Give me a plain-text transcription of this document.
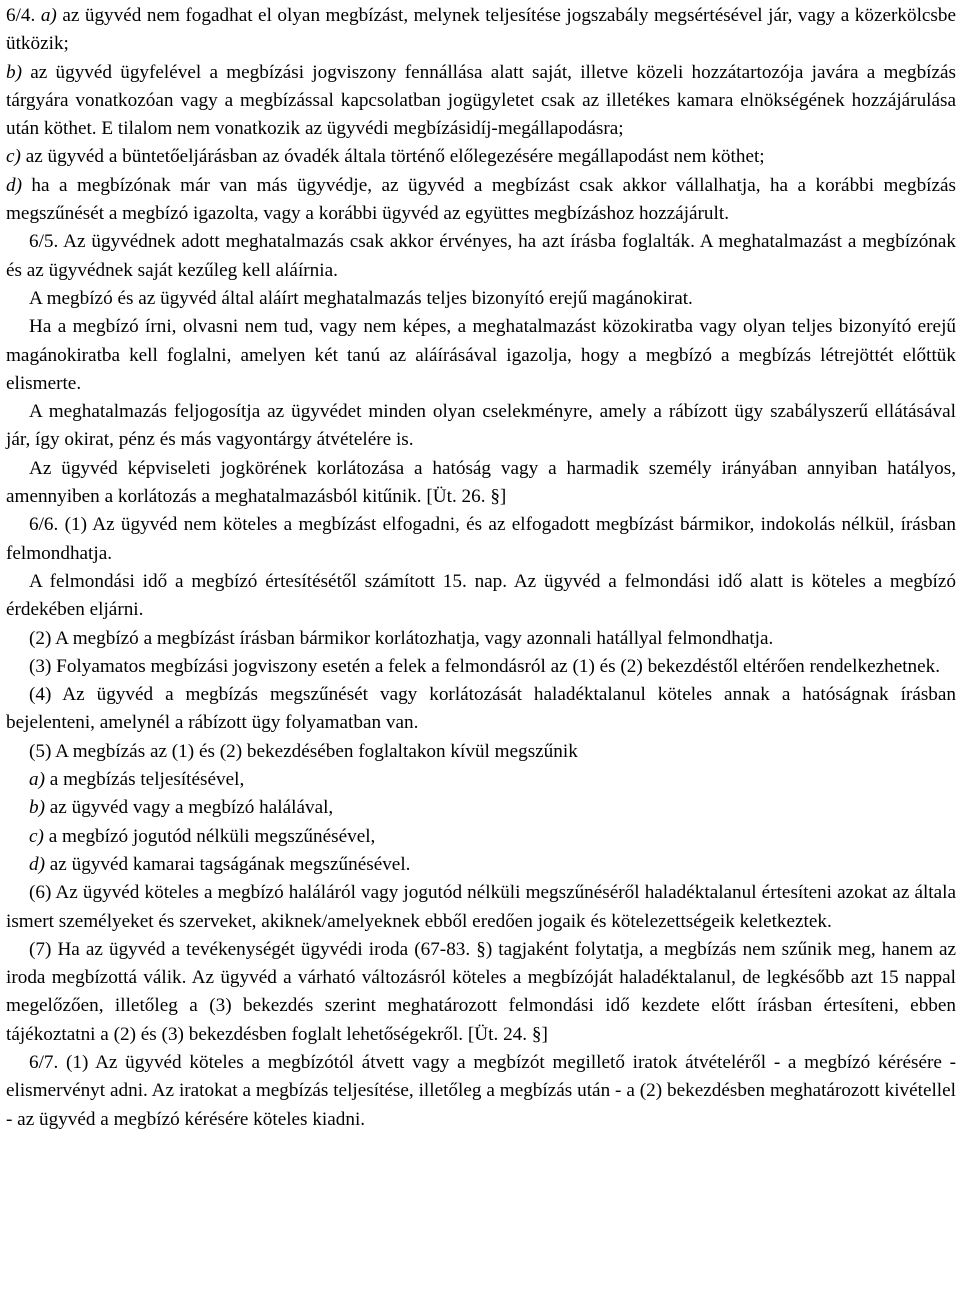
6/4. a) az ügyvéd nem fogadhat el olyan megbízást, melynek teljesítése jogszabály megsértésével jár, vagy a közerkölcsbe ütközik;

b) az ügyvéd ügyfelével a megbízási jogviszony fennállása alatt saját, illetve közeli hozzátartozója javára a megbízás tárgyára vonatkozóan vagy a megbízással kapcsolatban jogügyletet csak az illetékes kamara elnökségének hozzájárulása után köthet. E tilalom nem vonatkozik az ügyvédi megbízásidíj-megállapodásra;

c) az ügyvéd a büntetőeljárásban az óvadék általa történő előlegezésére megállapodást nem köthet;

d) ha a megbízónak már van más ügyvédje, az ügyvéd a megbízást csak akkor vállalhatja, ha a korábbi megbízás megszűnését a megbízó igazolta, vagy a korábbi ügyvéd az együttes megbízáshoz hozzájárult.

6/5. Az ügyvédnek adott meghatalmazás csak akkor érvényes, ha azt írásba foglalták. A meghatalmazást a megbízónak és az ügyvédnek saját kezűleg kell aláírnia.

A megbízó és az ügyvéd által aláírt meghatalmazás teljes bizonyító erejű magánokirat.

Ha a megbízó írni, olvasni nem tud, vagy nem képes, a meghatalmazást közokiratba vagy olyan teljes bizonyító erejű magánokiratba kell foglalni, amelyen két tanú az aláírásával igazolja, hogy a megbízó a megbízás létrejöttét előttük elismerte.

A meghatalmazás feljogosítja az ügyvédet minden olyan cselekményre, amely a rábízott ügy szabályszerű ellátásával jár, így okirat, pénz és más vagyontárgy átvételére is.

Az ügyvéd képviseleti jogkörének korlátozása a hatóság vagy a harmadik személy irányában annyiban hatályos, amennyiben a korlátozás a meghatalmazásból kitűnik. [Üt. 26. §]

6/6. (1) Az ügyvéd nem köteles a megbízást elfogadni, és az elfogadott megbízást bármikor, indokolás nélkül, írásban felmondhatja.

A felmondási idő a megbízó értesítésétől számított 15. nap. Az ügyvéd a felmondási idő alatt is köteles a megbízó érdekében eljárni.

(2) A megbízó a megbízást írásban bármikor korlátozhatja, vagy azonnali hatállyal felmondhatja.

(3) Folyamatos megbízási jogviszony esetén a felek a felmondásról az (1) és (2) bekezdéstől eltérően rendelkezhetnek.

(4) Az ügyvéd a megbízás megszűnését vagy korlátozását haladéktalanul köteles annak a hatóságnak írásban bejelenteni, amelynél a rábízott ügy folyamatban van.

(5) A megbízás az (1) és (2) bekezdésében foglaltakon kívül megszűnik

a) a megbízás teljesítésével,

b) az ügyvéd vagy a megbízó halálával,

c) a megbízó jogutód nélküli megszűnésével,

d) az ügyvéd kamarai tagságának megszűnésével.

(6) Az ügyvéd köteles a megbízó haláláról vagy jogutód nélküli megszűnéséről haladéktalanul értesíteni azokat az általa ismert személyeket és szerveket, akiknek/amelyeknek ebből eredően jogaik és kötelezettségeik keletkeztek.

(7) Ha az ügyvéd a tevékenységét ügyvédi iroda (67-83. §) tagjaként folytatja, a megbízás nem szűnik meg, hanem az iroda megbízottá válik. Az ügyvéd a várható változásról köteles a megbízóját haladéktalanul, de legkésőbb azt 15 nappal megelőzően, illetőleg a (3) bekezdés szerint meghatározott felmondási idő kezdete előtt írásban értesíteni, ebben tájékoztatni a (2) és (3) bekezdésben foglalt lehetőségekről. [Üt. 24. §]

6/7. (1) Az ügyvéd köteles a megbízótól átvett vagy a megbízót megillető iratok átvételéről - a megbízó kérésére - elismervényt adni. Az iratokat a megbízás teljesítése, illetőleg a megbízás után - a (2) bekezdésben meghatározott kivétellel - az ügyvéd a megbízó kérésére köteles kiadni.
